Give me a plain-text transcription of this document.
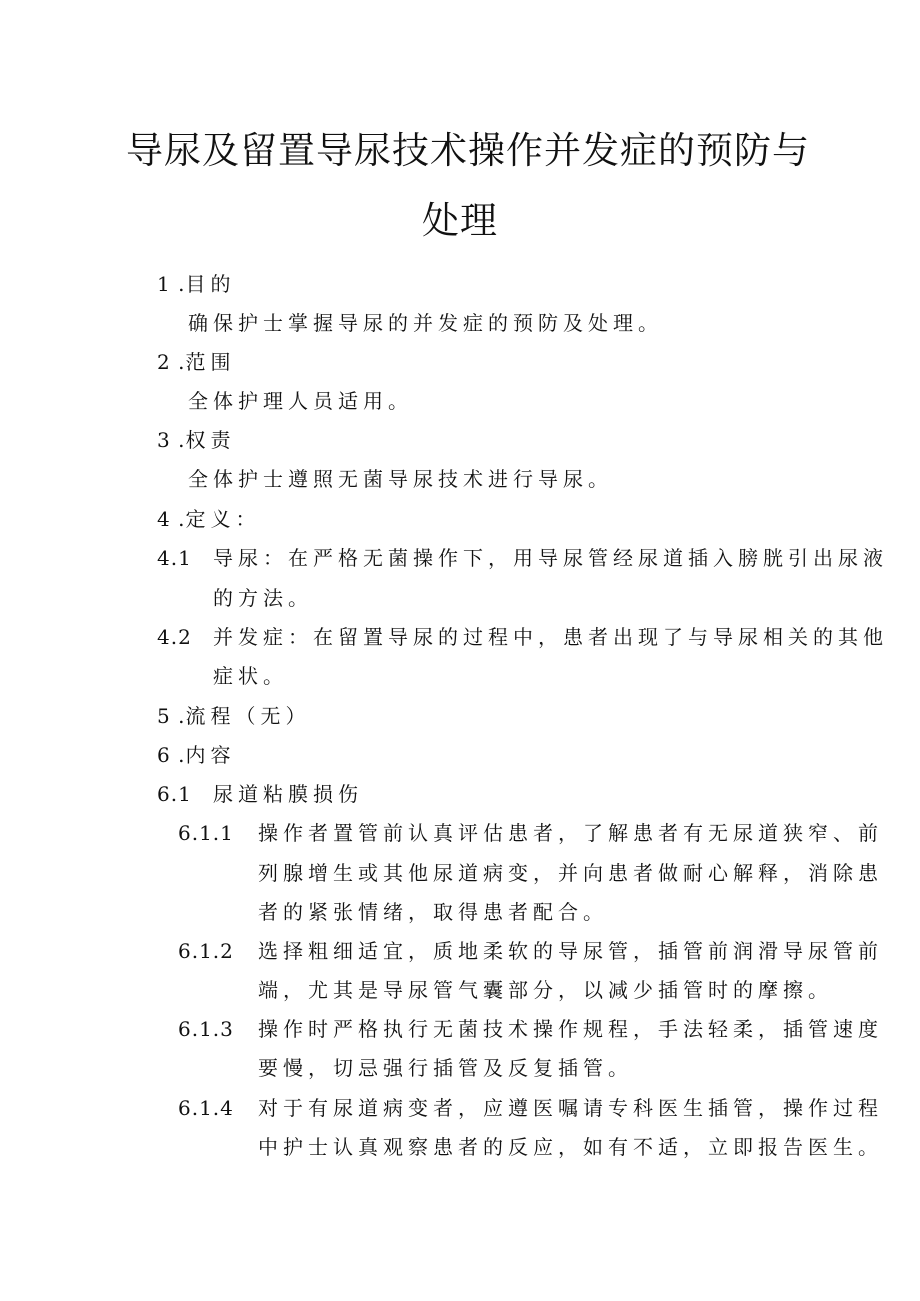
导尿及留置导尿技术操作并发症的预防与
处理
1 .目的
确保护士掌握导尿的并发症的预防及处理。
2 .范围
全体护理人员适用。
3 .权责
全体护士遵照无菌导尿技术进行导尿。
4 .定义：
4.1 导尿：在严格无菌操作下，用导尿管经尿道插入膀胱引出尿液
的方法。
4.2 并发症：在留置导尿的过程中，患者出现了与导尿相关的其他
症状。
5 .流程（无）
6 .内容
6.1 尿道粘膜损伤
6.1.1 操作者置管前认真评估患者，了解患者有无尿道狭窄、前
列腺增生或其他尿道病变，并向患者做耐心解释，消除患
者的紧张情绪，取得患者配合。
6.1.2 选择粗细适宜，质地柔软的导尿管，插管前润滑导尿管前
端，尤其是导尿管气囊部分，以减少插管时的摩擦。
6.1.3 操作时严格执行无菌技术操作规程，手法轻柔，插管速度
要慢，切忌强行插管及反复插管。
6.1.4 对于有尿道病变者，应遵医嘱请专科医生插管，操作过程
中护士认真观察患者的反应，如有不适，立即报告医生。
